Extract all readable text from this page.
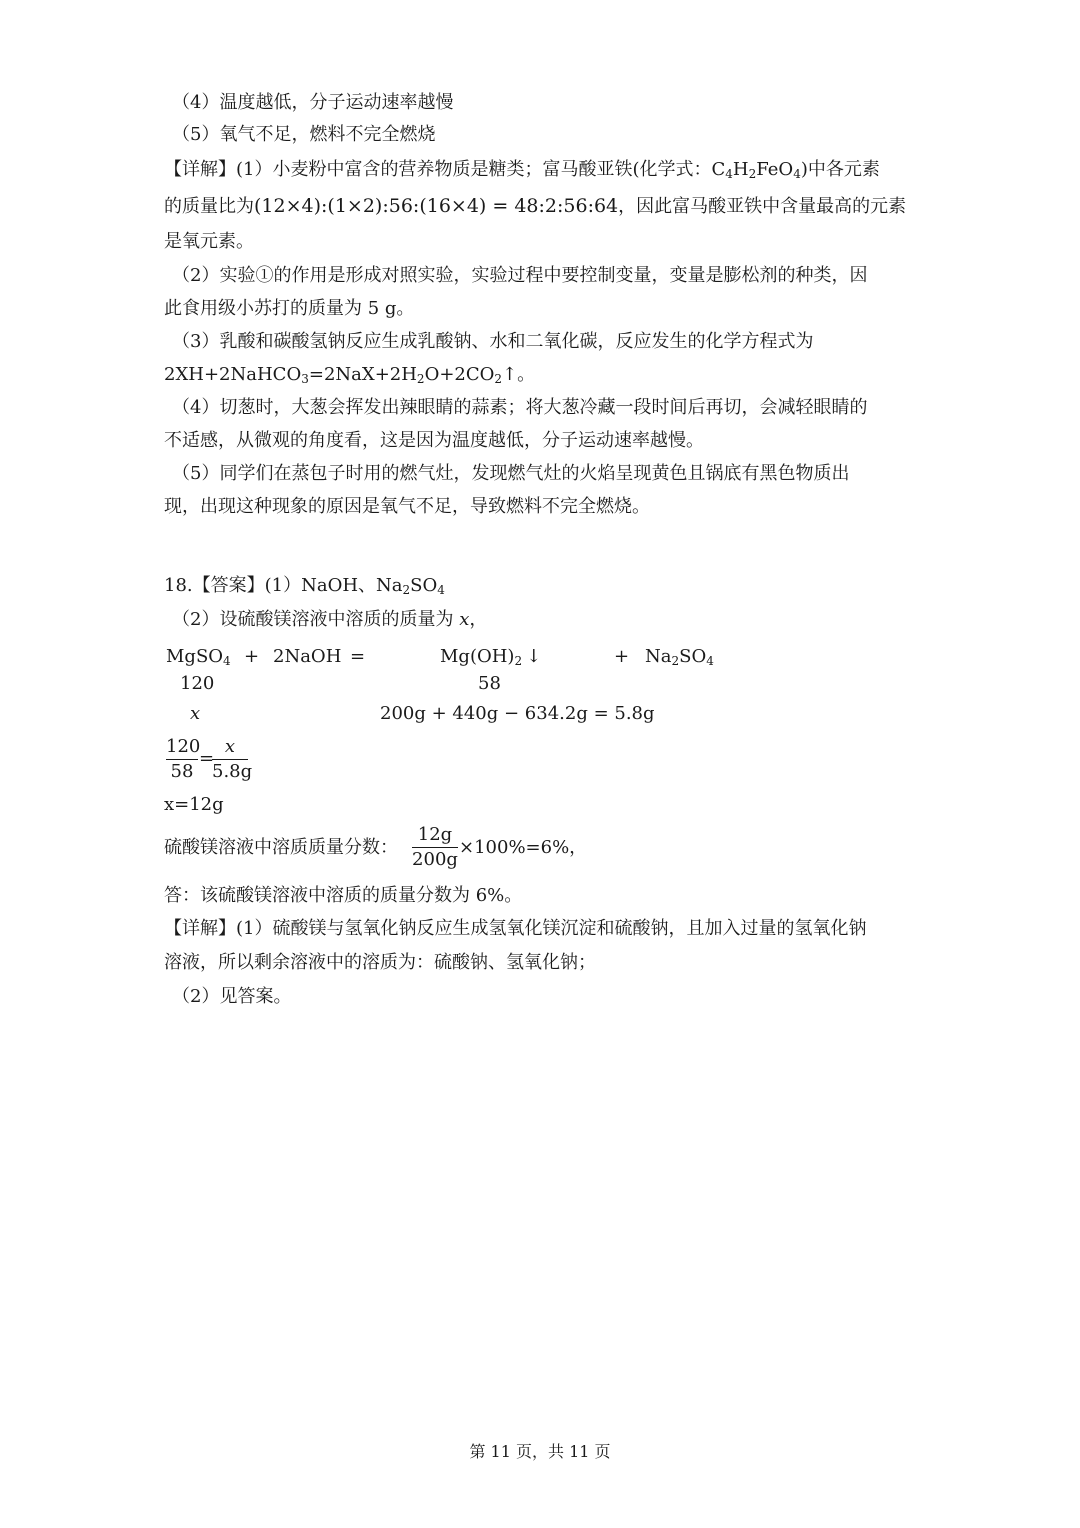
（4）温度越低，分子运动速率越慢
（5）氧气不足，燃料不完全燃烧
【详解】(1）小麦粉中富含的营养物质是糖类；富马酸亚铁(化学式：$C_4H_2FeO_4$)中各元素
的质量比为(12×4):(1×2):56:(16×4) = 48:2:56:64，因此富马酸亚铁中含量最高的元素
是氧元素。
（2）实验①的作用是形成对照实验，实验过程中要控制变量，变量是膨松剂的种类，因
此食用级小苏打的质量为 5 g。
（3）乳酸和碳酸氢钠反应生成乳酸钠、水和二氧化碳，反应发生的化学方程式为
$2XH+2NaHCO_3=2NaX+2H_2O+2CO_2↑$。
（4）切葱时，大葱会挥发出辣眼睛的蒜素；将大葱冷藏一段时间后再切，会减轻眼睛的
不适感，从微观的角度看，这是因为温度越低，分子运动速率越慢。
（5）同学们在蒸包子时用的燃气灶，发现燃气灶的火焰呈现黄色且锅底有黑色物质出
现，出现这种现象的原因是氧气不足，导致燃料不完全燃烧。
18.【答案】(1）NaOH、$Na_2SO_4$
（2）设硫酸镁溶液中溶质的质量为 x，
MgSO$_4$ + 2NaOH =	$Mg(OH)_2$ ↓	+ $Na_2SO_4$
120	58
x	200g + 440g − 634.2g = 5.8g
120
58
=
x
5.8g
x=12g
硫酸镁溶液中溶质质量分数：
12g
200g
×100%=6%，
答：该硫酸镁溶液中溶质的质量分数为 6%。
【详解】(1）硫酸镁与氢氧化钠反应生成氢氧化镁沉淀和硫酸钠，且加入过量的氢氧化钠
溶液，所以剩余溶液中的溶质为：硫酸钠、氢氧化钠；
（2）见答案。
第 11 页，共 11 页
